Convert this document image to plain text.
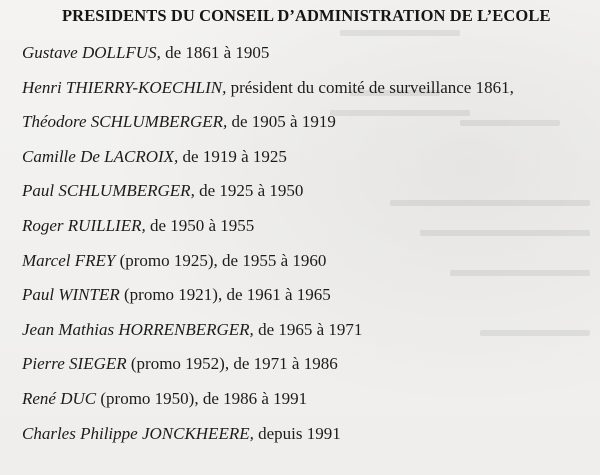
PRESIDENTS DU CONSEIL D’ADMINISTRATION DE L’ECOLE
Gustave DOLLFUS, de 1861 à 1905
Henri THIERRY-KOECHLIN, président du comité de surveillance 1861,
Théodore SCHLUMBERGER, de 1905 à 1919
Camille De LACROIX, de 1919 à 1925
Paul SCHLUMBERGER, de 1925 à 1950
Roger RUILLIER, de 1950 à 1955
Marcel FREY (promo 1925), de 1955 à 1960
Paul WINTER (promo 1921), de 1961 à 1965
Jean Mathias HORRENBERGER, de 1965 à 1971
Pierre SIEGER (promo 1952), de 1971 à 1986
René DUC (promo 1950), de 1986 à 1991
Charles Philippe JONCKHEERE, depuis 1991
